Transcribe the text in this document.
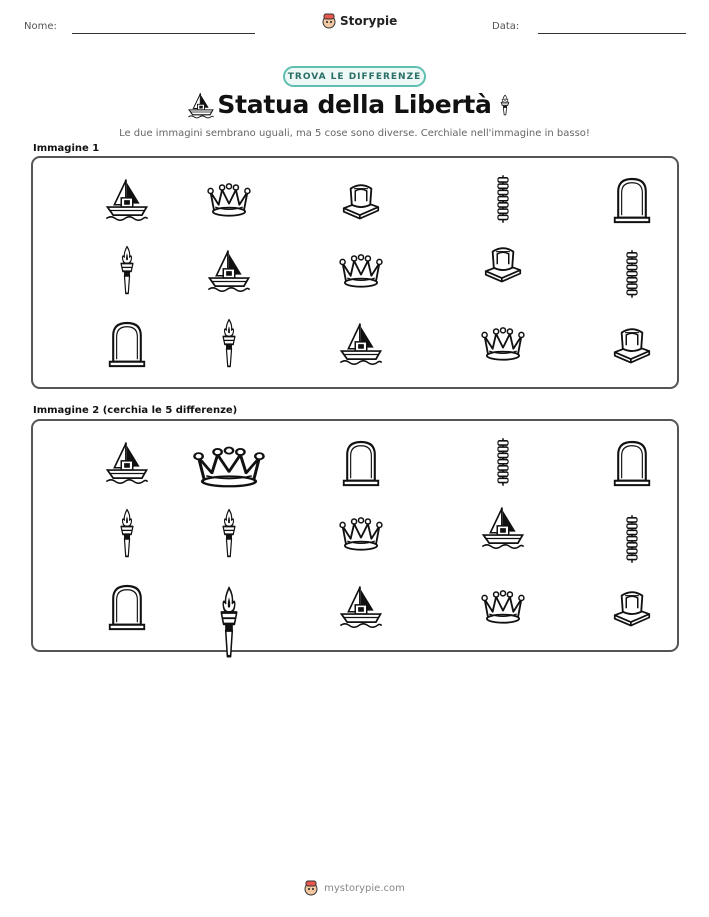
Nome:	Storypie	Data:
TROVA LE DIFFERENZE
Statua della Libertà
Le due immagini sembrano uguali, ma 5 cose sono diverse. Cerchiale nell'immagine in basso!
Immagine 1
Immagine 2 (cerchia le 5 differenze)
mystorypie.com
